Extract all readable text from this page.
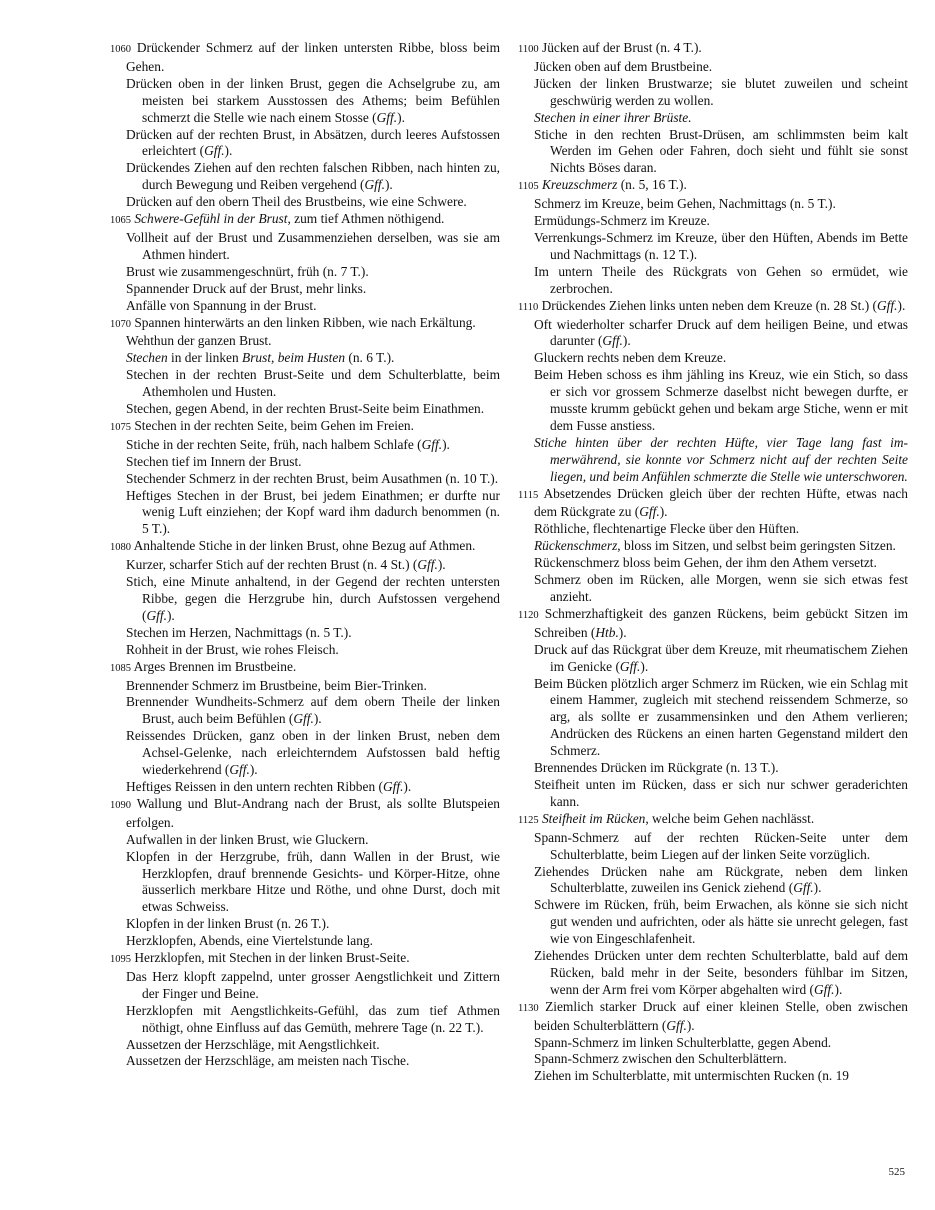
1060 Drückender Schmerz auf der linken untersten Ribbe, bloss beim Gehen.
Drücken oben in der linken Brust, gegen die Achselgrube zu, am meisten bei starkem Ausstossen des Athems; beim Befühlen schmerzt die Stelle wie nach einem Stosse (Gff.).
Drücken auf der rechten Brust, in Absätzen, durch leeres Aufstossen erleichtert (Gff.).
Drückendes Ziehen auf den rechten falschen Ribben, nach hinten zu, durch Bewegung und Reiben vergehend (Gff.).
Drücken auf den obern Theil des Brustbeins, wie eine Schwere.
1065 Schwere-Gefühl in der Brust, zum tief Athmen nöthigend.
Vollheit auf der Brust und Zusammenziehen derselben, was sie am Athmen hindert.
Brust wie zusammengeschnürt, früh (n. 7 T.).
Spannender Druck auf der Brust, mehr links.
Anfälle von Spannung in der Brust.
1070 Spannen hinterwärts an den linken Ribben, wie nach Erkältung.
Wehthun der ganzen Brust.
Stechen in der linken Brust, beim Husten (n. 6 T.).
Stechen in der rechten Brust-Seite und dem Schulterblatte, beim Athemholen und Husten.
Stechen, gegen Abend, in der rechten Brust-Seite beim Einathmen.
1075 Stechen in der rechten Seite, beim Gehen im Freien.
Stiche in der rechten Seite, früh, nach halbem Schlafe (Gff.).
Stechen tief im Innern der Brust.
Stechender Schmerz in der rechten Brust, beim Ausathmen (n. 10 T.).
Heftiges Stechen in der Brust, bei jedem Einathmen; er durfte nur wenig Luft einziehen; der Kopf ward ihm dadurch benommen (n. 5 T.).
1080 Anhaltende Stiche in der linken Brust, ohne Bezug auf Athmen.
Kurzer, scharfer Stich auf der rechten Brust (n. 4 St.) (Gff.).
Stich, eine Minute anhaltend, in der Gegend der rechten untersten Ribbe, gegen die Herzgrube hin, durch Aufstossen vergehend (Gff.).
Stechen im Herzen, Nachmittags (n. 5 T.).
Rohheit in der Brust, wie rohes Fleisch.
1085 Arges Brennen im Brustbeine.
Brennender Schmerz im Brustbeine, beim Bier-Trinken.
Brennender Wundheits-Schmerz auf dem obern Theile der linken Brust, auch beim Befühlen (Gff.).
Reissendes Drücken, ganz oben in der linken Brust, neben dem Achsel-Gelenke, nach erleichterndem Aufstossen bald heftig wiederkehrend (Gff.).
Heftiges Reissen in den untern rechten Ribben (Gff.).
1090 Wallung und Blut-Andrang nach der Brust, als sollte Blutspeien erfolgen.
Aufwallen in der linken Brust, wie Gluckern.
Klopfen in der Herzgrube, früh, dann Wallen in der Brust, wie Herzklopfen, drauf brennende Gesichts- und Körper-Hitze, ohne äusserlich merkbare Hitze und Röthe, und ohne Durst, doch mit etwas Schweiss.
Klopfen in der linken Brust (n. 26 T.).
Herzklopfen, Abends, eine Viertelstunde lang.
1095 Herzklopfen, mit Stechen in der linken Brust-Seite.
Das Herz klopft zappelnd, unter grosser Aengstlichkeit und Zittern der Finger und Beine.
Herzklopfen mit Aengstlichkeits-Gefühl, das zum tief Athmen nöthigt, ohne Einfluss auf das Gemüth, mehrere Tage (n. 22 T.).
Aussetzen der Herzschläge, mit Aengstlichkeit.
Aussetzen der Herzschläge, am meisten nach Tische.
1100 Jücken auf der Brust (n. 4 T.).
Jücken oben auf dem Brustbeine.
Jücken der linken Brustwarze; sie blutet zuweilen und scheint geschwürig werden zu wollen.
Stechen in einer ihrer Brüste.
Stiche in den rechten Brust-Drüsen, am schlimmsten beim kalt Werden im Gehen oder Fahren, doch sieht und fühlt sie sonst Nichts Böses daran.
1105 Kreuzschmerz (n. 5, 16 T.).
Schmerz im Kreuze, beim Gehen, Nachmittags (n. 5 T.).
Ermüdungs-Schmerz im Kreuze.
Verrenkungs-Schmerz im Kreuze, über den Hüften, Abends im Bette und Nachmittags (n. 12 T.).
Im untern Theile des Rückgrats von Gehen so ermüdet, wie zerbrochen.
1110 Drückendes Ziehen links unten neben dem Kreuze (n. 28 St.) (Gff.).
Oft wiederholter scharfer Druck auf dem heiligen Beine, und etwas darunter (Gff.).
Gluckern rechts neben dem Kreuze.
Beim Heben schoss es ihm jähling ins Kreuz, wie ein Stich, so dass er sich vor grossem Schmerze daselbst nicht bewegen durfte, er musste krumm gebückt gehen und bekam arge Stiche, wenn er mit dem Fusse anstiess.
Stiche hinten über der rechten Hüfte, vier Tage lang fast immerwährend, sie konnte vor Schmerz nicht auf der rechten Seite liegen, und beim Anfühlen schmerzte die Stelle wie unterschworen.
1115 Absetzendes Drücken gleich über der rechten Hüfte, etwas nach dem Rückgrate zu (Gff.).
Röthliche, flechtenartige Flecke über den Hüften.
Rückenschmerz, bloss im Sitzen, und selbst beim geringsten Sitzen.
Rückenschmerz bloss beim Gehen, der ihm den Athem versetzt.
Schmerz oben im Rücken, alle Morgen, wenn sie sich etwas fest anzieht.
1120 Schmerzhaftigkeit des ganzen Rückens, beim gebückt Sitzen im Schreiben (Htb.).
Druck auf das Rückgrat über dem Kreuze, mit rheumatischem Ziehen im Genicke (Gff.).
Beim Bücken plötzlich arger Schmerz im Rücken, wie ein Schlag mit einem Hammer, zugleich mit stechend reissendem Schmerze, so arg, als sollte er zusammensinken und den Athem verlieren; Andrücken des Rückens an einen harten Gegenstand mildert den Schmerz.
Brennendes Drücken im Rückgrate (n. 13 T.).
Steifheit unten im Rücken, dass er sich nur schwer geraderichten kann.
1125 Steifheit im Rücken, welche beim Gehen nachlässt.
Spann-Schmerz auf der rechten Rücken-Seite unter dem Schulterblatte, beim Liegen auf der linken Seite vorzüglich.
Ziehendes Drücken nahe am Rückgrate, neben dem linken Schulterblatte, zuweilen ins Genick ziehend (Gff.).
Schwere im Rücken, früh, beim Erwachen, als könne sie sich nicht gut wenden und aufrichten, oder als hätte sie unrecht gelegen, fast wie von Eingeschlafenheit.
Ziehendes Drücken unter dem rechten Schulterblatte, bald auf dem Rücken, bald mehr in der Seite, besonders fühlbar im Sitzen, wenn der Arm frei vom Körper abgehalten wird (Gff.).
1130 Ziemlich starker Druck auf einer kleinen Stelle, oben zwischen beiden Schulterblättern (Gff.).
Spann-Schmerz im linken Schulterblatte, gegen Abend.
Spann-Schmerz zwischen den Schulterblättern.
Ziehen im Schulterblatte, mit untermischten Rucken (n. 19
525
